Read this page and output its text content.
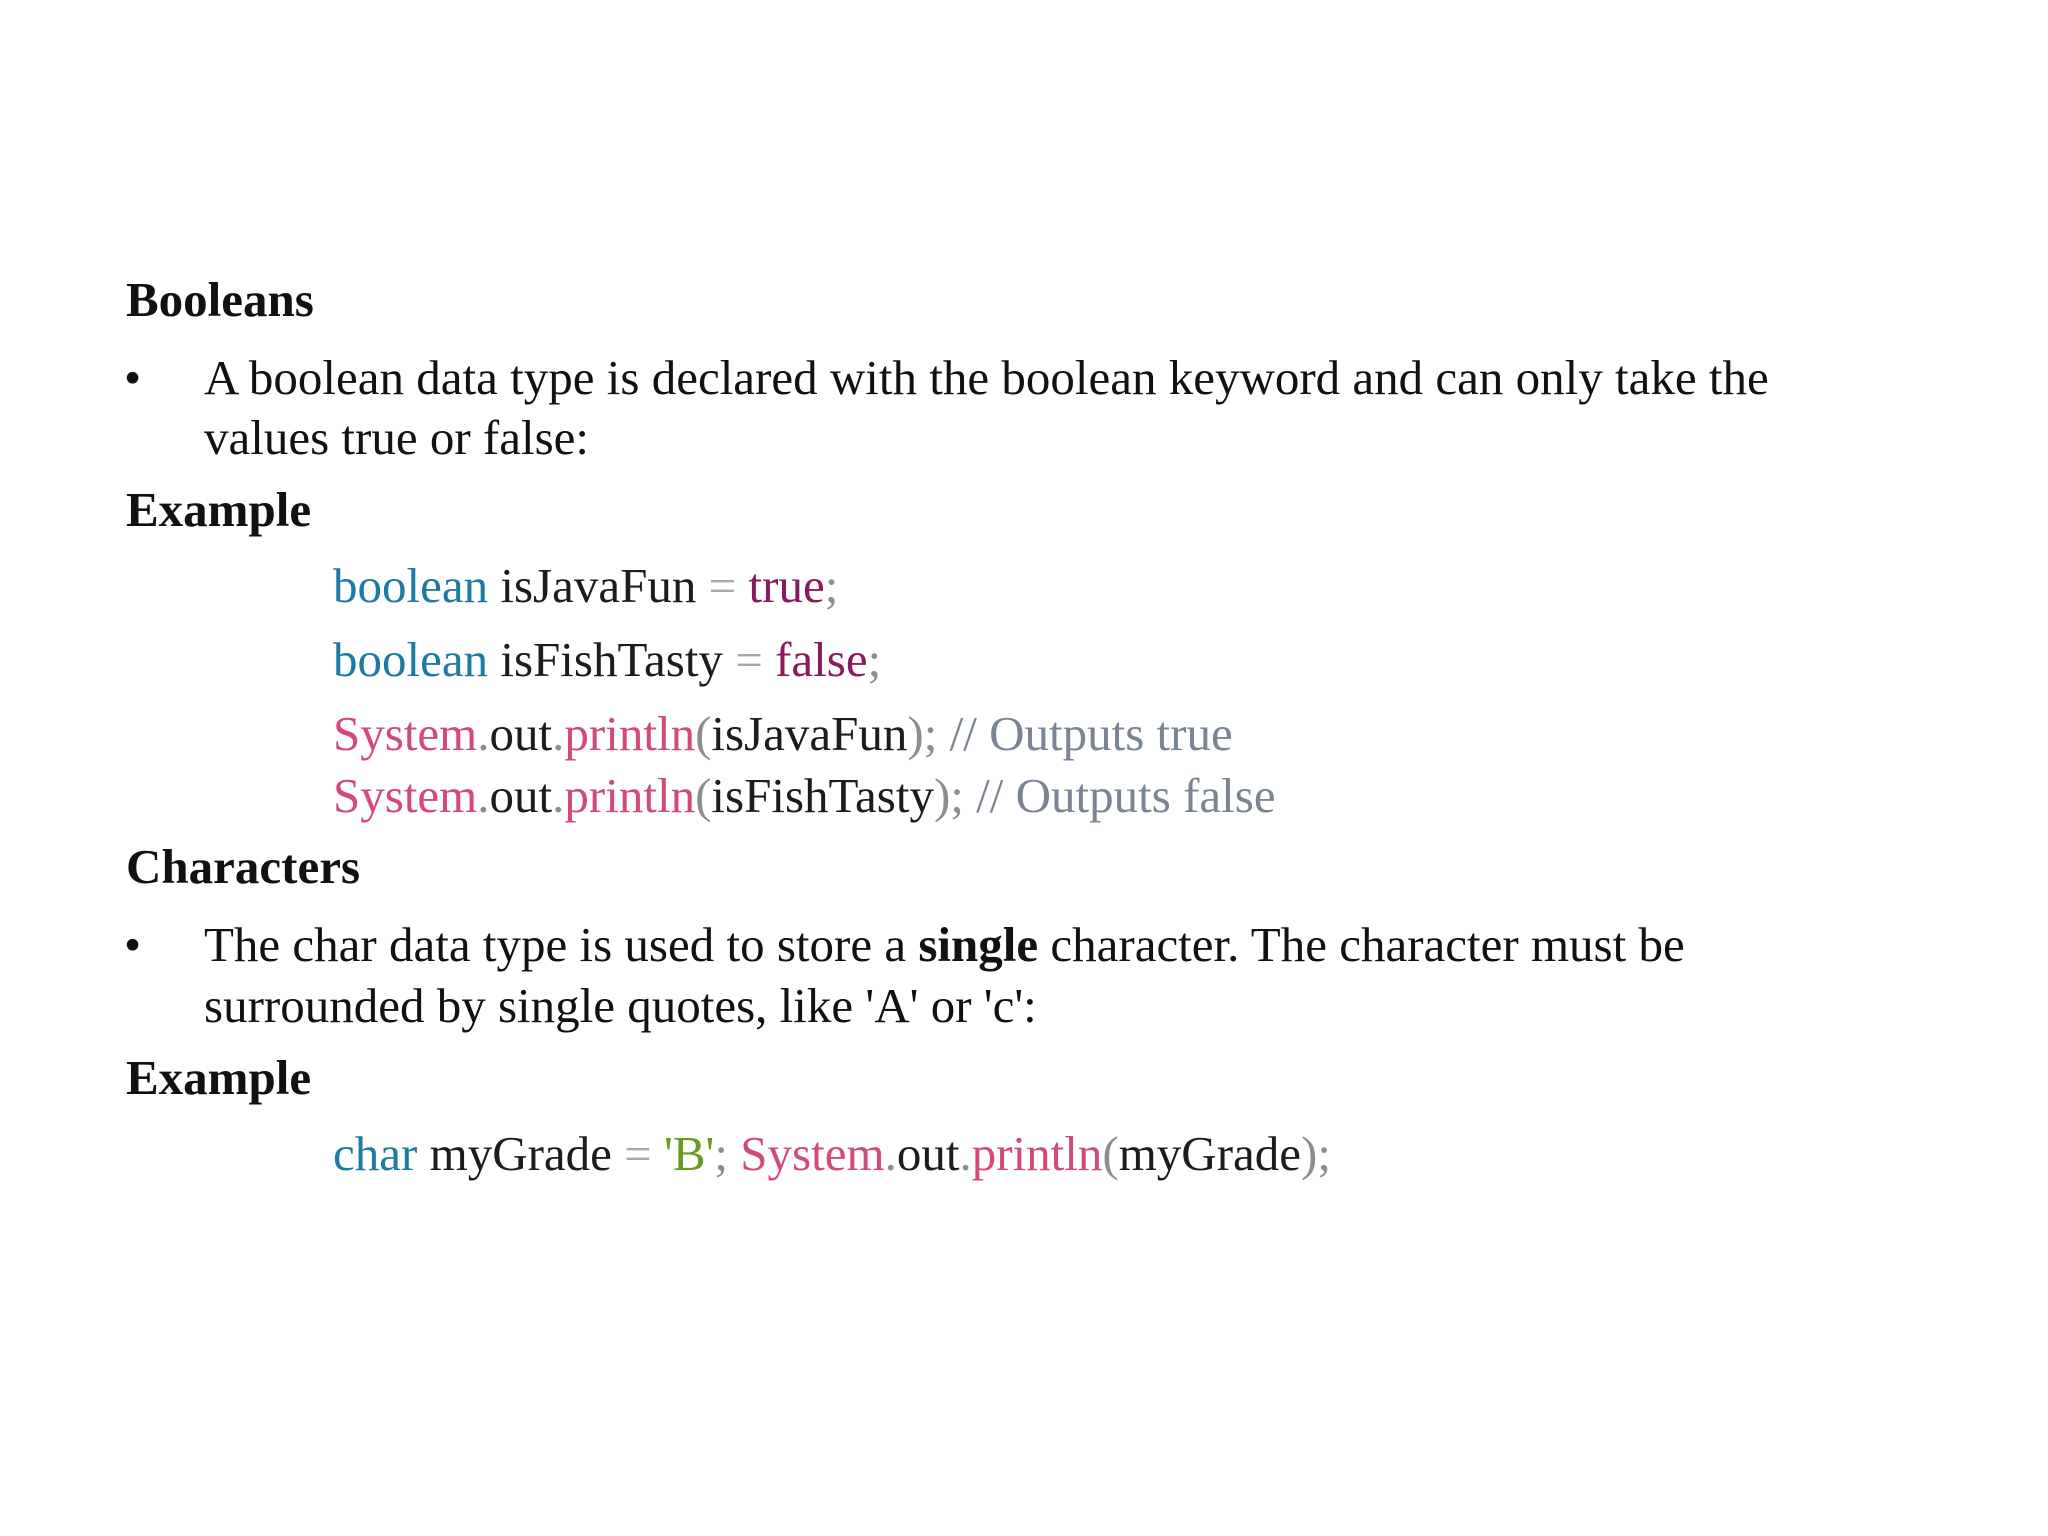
Booleans
• A boolean data type is declared with the boolean keyword and can only take the
values true or false:
Example
boolean isJavaFun = true;
boolean isFishTasty = false;
System.out.println(isJavaFun); // Outputs true
System.out.println(isFishTasty); // Outputs false
Characters
• The char data type is used to store a single character. The character must be
surrounded by single quotes, like 'A' or 'c':
Example
char myGrade = 'B'; System.out.println(myGrade);
